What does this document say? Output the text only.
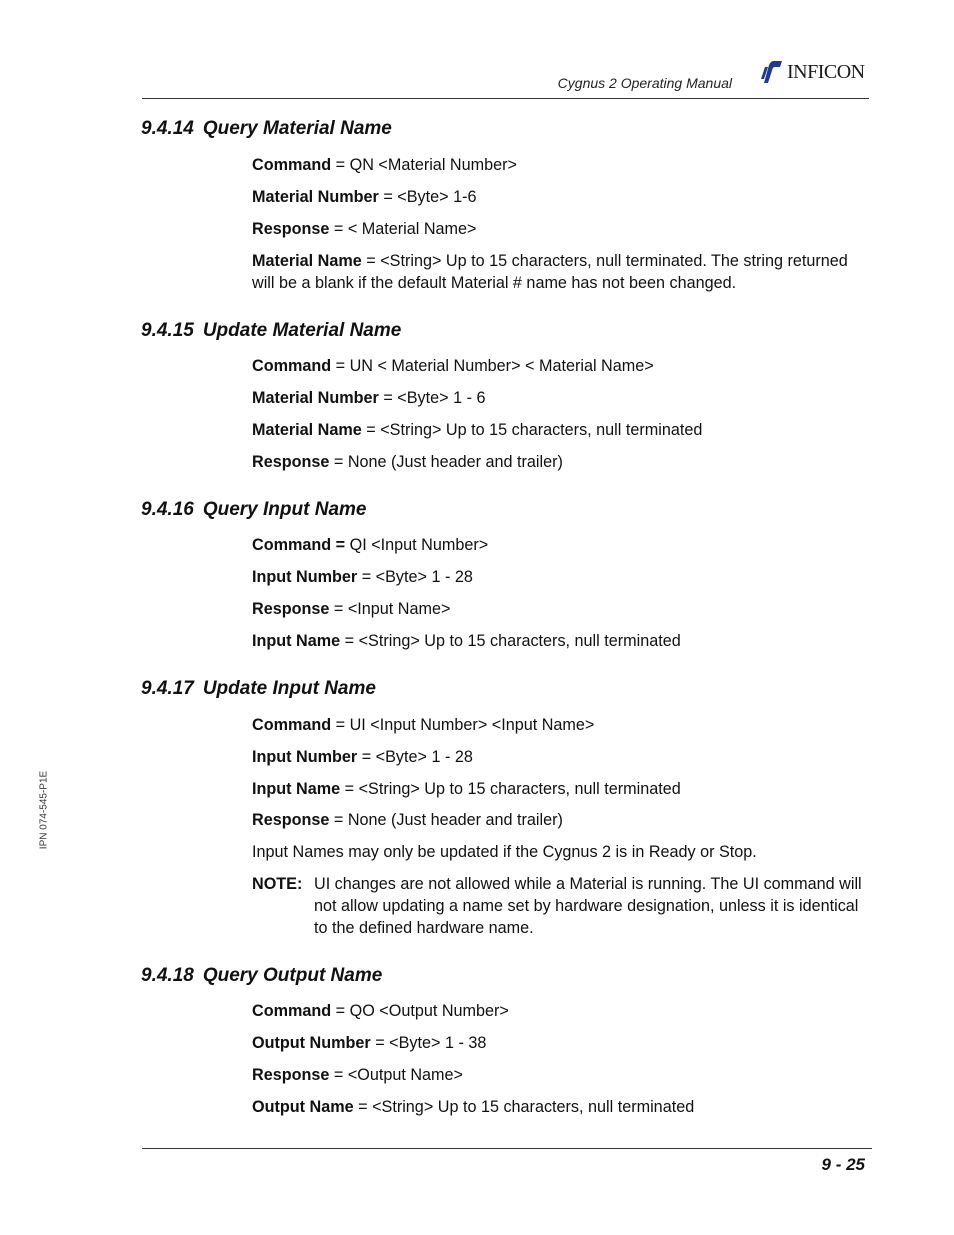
Cygnus 2 Operating Manual
INFICON
IPN 074-545-P1E
9.4.14 Query Material Name

Command = QN <Material Number>

Material Number = <Byte> 1-6

Response = < Material Name>

Material Name = <String> Up to 15 characters, null terminated. The string returned will be a blank if the default Material # name has not been changed.

9.4.15 Update Material Name

Command = UN < Material Number> < Material Name>

Material Number = <Byte> 1 - 6

Material Name = <String> Up to 15 characters, null terminated

Response = None (Just header and trailer)

9.4.16 Query Input Name

Command = QI <Input Number>

Input Number = <Byte> 1 - 28

Response = <Input Name>

Input Name = <String> Up to 15 characters, null terminated

9.4.17 Update Input Name

Command = UI <Input Number> <Input Name>

Input Number = <Byte> 1 - 28

Input Name = <String> Up to 15 characters, null terminated

Response = None (Just header and trailer)

Input Names may only be updated if the Cygnus 2 is in Ready or Stop.

NOTE: UI changes are not allowed while a Material is running. The UI command will not allow updating a name set by hardware designation, unless it is identical to the defined hardware name.
9.4.18 Query Output Name

Command = QO <Output Number>

Output Number = <Byte> 1 - 38

Response = <Output Name>

Output Name = <String> Up to 15 characters, null terminated

9 - 25
